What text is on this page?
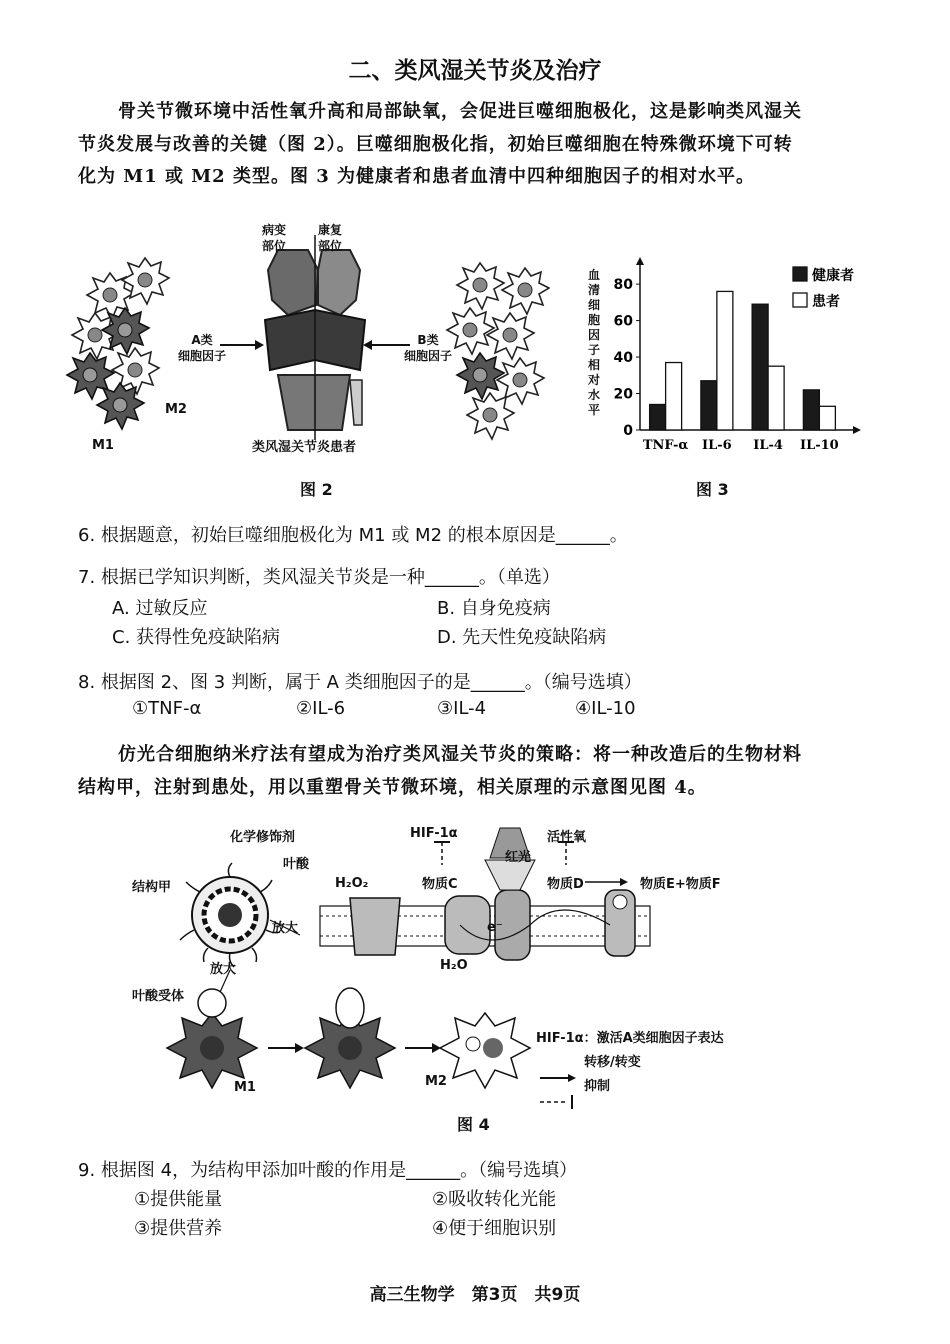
二、类风湿关节炎及治疗
骨关节微环境中活性氧升高和局部缺氧，会促进巨噬细胞极化，这是影响类风湿关
节炎发展与改善的关键（图 2）。巨噬细胞极化指，初始巨噬细胞在特殊微环境下可转
化为 M1 或 M2 类型。图 3 为健康者和患者血清中四种细胞因子的相对水平。
病变
部位
康复
部位
A类
细胞因子
B类
细胞因子
M1
M2
类风湿关节炎患者
图 2
血清细胞因子相对水平
0
20
40
60
80
TNF-α IL-6 IL-4 IL-10
健康者
患者
图 3
6. 根据题意，初始巨噬细胞极化为 M1 或 M2 的根本原因是______。
7. 根据已学知识判断，类风湿关节炎是一种______。（单选）
A. 过敏反应	B. 自身免疫病
C. 获得性免疫缺陷病	D. 先天性免疫缺陷病
8. 根据图 2、图 3 判断，属于 A 类细胞因子的是______。（编号选填）
①TNF-α	②IL-6	③IL-4	④IL-10
仿光合细胞纳米疗法有望成为治疗类风湿关节炎的策略：将一种改造后的生物材料
结构甲，注射到患处，用以重塑骨关节微环境，相关原理的示意图见图 4。
化学修饰剂
叶酸
结构甲
放大
放大
叶酸受体
HIF-1α
红光
活性氧
H₂O₂	物质C	物质D	物质E+物质F
H₂O
e⁻
M1	M2
HIF-1α：激活A类细胞因子表达
转移/转变
抑制
图 4
9. 根据图 4，为结构甲添加叶酸的作用是______。（编号选填）
①提供能量	②吸收转化光能
③提供营养	④便于细胞识别
高三生物学　第3页　共9页
